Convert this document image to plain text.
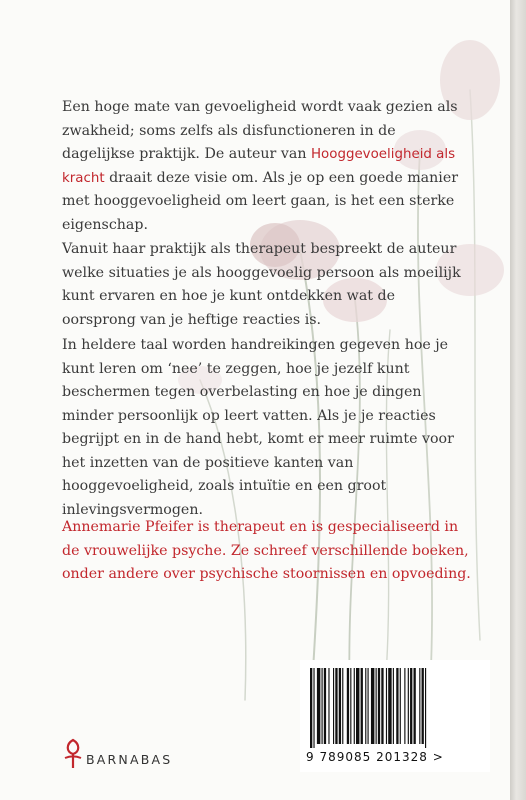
Een hoge mate van gevoeligheid wordt vaak gezien als zwakheid; soms zelfs als disfunctioneren in de dagelijkse praktijk. De auteur van Hooggevoeligheid als kracht draait deze visie om. Als je op een goede manier met hooggevoeligheid om leert gaan, is het een sterke eigenschap.
Vanuit haar praktijk als therapeut bespreekt de auteur welke situaties je als hooggevoelig persoon als moeilijk kunt ervaren en hoe je kunt ontdekken wat de oorsprong van je heftige reacties is.
In heldere taal worden handreikingen gegeven hoe je kunt leren om ‘nee’ te zeggen, hoe je jezelf kunt beschermen tegen overbelasting en hoe je dingen minder persoonlijk op leert vatten. Als je je reacties begrijpt en in de hand hebt, komt er meer ruimte voor het inzetten van de positieve kanten van hooggevoeligheid, zoals intuïtie en een groot inlevingsvermogen.
Annemarie Pfeifer is therapeut en is gespecialiseerd in de vrouwelijke psyche. Ze schreef verschillende boeken, onder andere over psychische stoornissen en opvoeding.
BARNABAS	9 789085 201328 >
